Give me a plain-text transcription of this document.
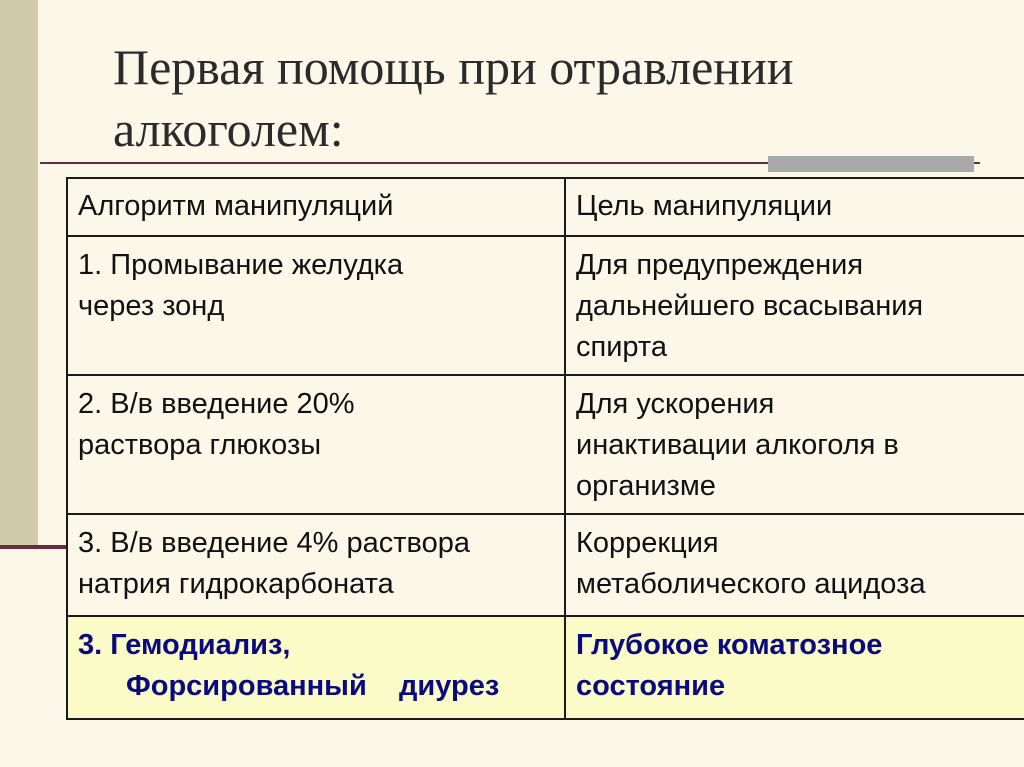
Первая помощь при отравлении
алкоголем:
Алгоритм манипуляций	Цель манипуляции

1. Промывание желудка
через зонд	Для предупреждения
дальнейшего всасывания
спирта

2. В/в введение 20%
раствора глюкозы	Для ускорения
инактивации алкоголя в
организме

3. В/в введение 4% раствора
натрия гидрокарбоната	Коррекция
метаболического ацидоза

3. Гемодиализ,
Форсированный    диурез	Глубокое коматозное
состояние
